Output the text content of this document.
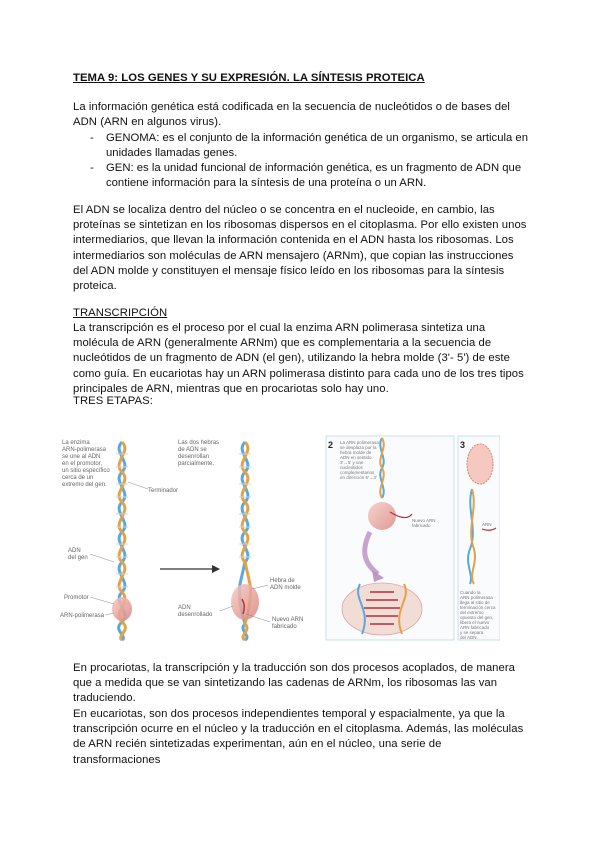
TEMA 9: LOS GENES Y SU EXPRESIÓN. LA SÍNTESIS PROTEICA
La información genética está codificada en la secuencia de nucleótidos o de bases del ADN (ARN en algunos virus).
- GENOMA: es el conjunto de la información genética de un organismo, se articula en unidades llamadas genes.
- GEN: es la unidad funcional de información genética, es un fragmento de ADN que contiene información para la síntesis de una proteína o un ARN.
El ADN se localiza dentro del núcleo o se concentra en el nucleoide, en cambio, las proteínas se sintetizan en los ribosomas dispersos en el citoplasma. Por ello existen unos intermediarios, que llevan la información contenida en el ADN hasta los ribosomas. Los intermediarios son moléculas de ARN mensajero (ARNm), que copian las instrucciones del ADN molde y constituyen el mensaje físico leído en los ribosomas para la síntesis proteica.
TRANSCRIPCIÓN
La transcripción es el proceso por el cual la enzima ARN polimerasa sintetiza una molécula de ARN (generalmente ARNm) que es complementaria a la secuencia de nucleótidos de un fragmento de ADN (el gen), utilizando la hebra molde (3'- 5') de este como guía. En eucariotas hay un ARN polimerasa distinto para cada uno de los tres tipos principales de ARN, mientras que en procariotas solo hay uno.
TRES ETAPAS:
La enzima
ARN-polimerasa
se une al ADN
en el promotor,
un sitio específico
cerca de un
extremo del gen.
Las dos hebras
de ADN se
desenrollan
parcialmente.
ADN
del gen
Promotor
ARN-polimerasa
Terminador
Hebra de
ADN molde
ADN
desenrollado
Nuevo ARN
fabricado
2 La ARN polimerasa
se desplaza por la
hebra molde de
ADN en sentido
3'→5' y une
nucleótidos
complementarios
en dirección 5'→3'
Nuevo ARN
fabricado
3
ARN
Cuando la
ARN polimerasa
llega al sitio de
terminación cerca
del extremo
opuesto del gen,
libera el nuevo
ARN fabricado
y se separa
del ADN.
En procariotas, la transcripción y la traducción son dos procesos acoplados, de manera que a medida que se van sintetizando las cadenas de ARNm, los ribosomas las van traduciendo.
En eucariotas, son dos procesos independientes temporal y espacialmente, ya que la transcripción ocurre en el núcleo y la traducción en el citoplasma. Además, las moléculas de ARN recién sintetizadas experimentan, aún en el núcleo, una serie de transformaciones
